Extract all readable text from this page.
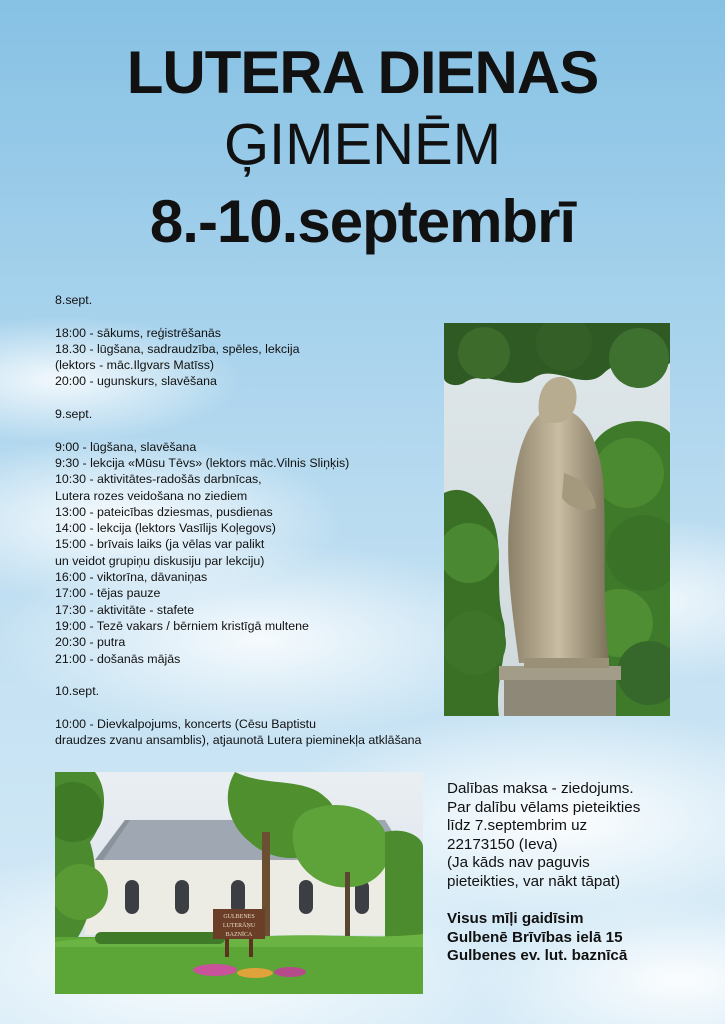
LUTERA DIENAS
ĢIMENĒM
8.-10.septembrī
8.sept.
18:00 - sākums, reģistrēšanās
18.30 - lūgšana, sadraudzība, spēles, lekcija
(lektors - māc.Ilgvars Matīss)
20:00 - ugunskurs, slavēšana
9.sept.
9:00 - lūgšana, slavēšana
9:30 - lekcija «Mūsu Tēvs» (lektors māc.Vilnis Sliņķis)
10:30 - aktivitātes-radošās darbnīcas,
Lutera rozes veidošana no ziediem
13:00 - pateicības dziesmas, pusdienas
14:00 - lekcija (lektors Vasīlijs Koļegovs)
15:00 - brīvais laiks (ja vēlas var palikt
un veidot grupiņu diskusiju par lekciju)
16:00 - viktorīna, dāvaniņas
17:00 - tējas pauze
17:30 - aktivitāte - stafete
19:00 - Tezē vakars / bērniem kristīgā multene
20:30 - putra
21:00 - došanās mājās
10.sept.
10:00 - Dievkalpojums, koncerts (Cēsu Baptistu
draudzes zvanu ansamblis), atjaunotā Lutera pieminekļa atklāšana
GULBENES
LUTERĀŅU
BAZNĪCA
Dalības maksa - ziedojums.
Par dalību vēlams pieteikties
līdz 7.septembrim uz
22173150 (Ieva)
(Ja kāds nav paguvis
pieteikties, var nākt tāpat)
Visus mīļi gaidīsim
Gulbenē Brīvības ielā 15
Gulbenes ev. lut. baznīcā
